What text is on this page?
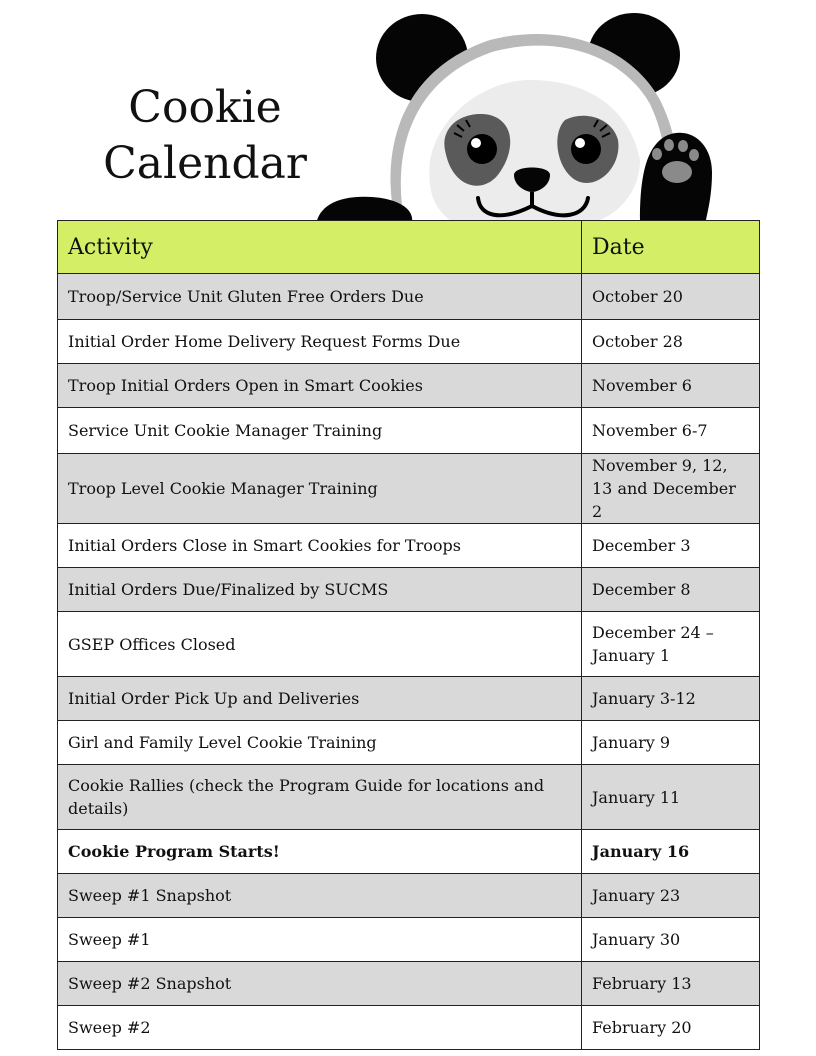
Cookie
Calendar
Activity	Date
Troop/Service Unit Gluten Free Orders Due	October 20
Initial Order Home Delivery Request Forms Due	October 28
Troop Initial Orders Open in Smart Cookies	November 6
Service Unit Cookie Manager Training	November 6-7
Troop Level Cookie Manager Training	November 9, 12, 13 and December 2
Initial Orders Close in Smart Cookies for Troops	December 3
Initial Orders Due/Finalized by SUCMS	December 8
GSEP Offices Closed	December 24 – January 1
Initial Order Pick Up and Deliveries	January 3-12
Girl and Family Level Cookie Training	January 9
Cookie Rallies (check the Program Guide for locations and details)	January 11
Cookie Program Starts!	January 16
Sweep #1 Snapshot	January 23
Sweep #1	January 30
Sweep #2 Snapshot	February 13
Sweep #2	February 20
